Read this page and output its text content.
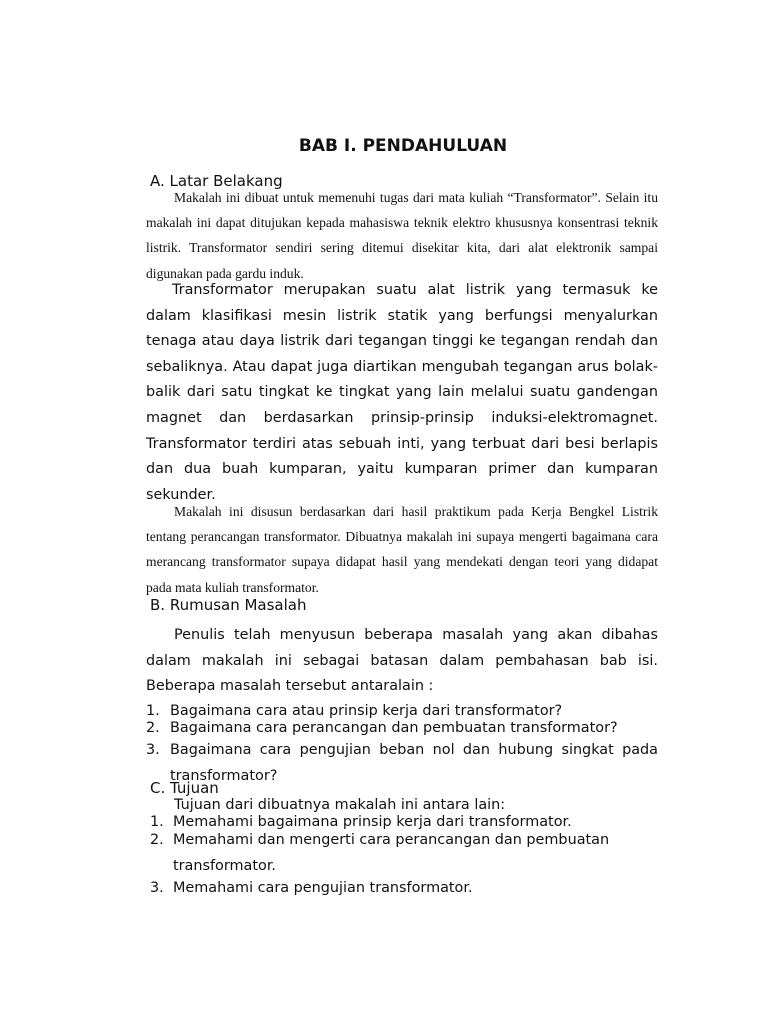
BAB I. PENDAHULUAN
A. Latar Belakang
Makalah ini dibuat untuk memenuhi tugas dari mata kuliah “Transformator”. Selain itu makalah ini dapat ditujukan kepada mahasiswa teknik elektro khususnya konsentrasi teknik listrik. Transformator sendiri sering ditemui disekitar kita, dari alat elektronik sampai digunakan pada gardu induk.
Transformator merupakan suatu alat listrik yang termasuk ke dalam klasifikasi mesin listrik statik yang berfungsi menyalurkan tenaga atau daya listrik dari tegangan tinggi ke tegangan rendah dan sebaliknya. Atau dapat juga diartikan mengubah tegangan arus bolak-balik dari satu tingkat ke tingkat yang lain melalui suatu gandengan magnet dan berdasarkan prinsip-prinsip induksi-elektromagnet. Transformator terdiri atas sebuah inti, yang terbuat dari besi berlapis dan dua buah kumparan, yaitu kumparan primer dan kumparan sekunder.
Makalah ini disusun berdasarkan dari hasil praktikum pada Kerja Bengkel Listrik tentang perancangan transformator. Dibuatnya makalah ini supaya mengerti bagaimana cara merancang transformator supaya didapat hasil yang mendekati dengan teori yang didapat pada mata kuliah transformator.
B. Rumusan Masalah
Penulis telah menyusun beberapa masalah yang akan dibahas dalam makalah ini sebagai batasan dalam pembahasan bab isi. Beberapa masalah tersebut antaralain :
1. Bagaimana cara atau prinsip kerja dari transformator?
2. Bagaimana cara perancangan dan pembuatan transformator?
3. Bagaimana cara pengujian beban nol dan hubung singkat pada transformator?
C. Tujuan
Tujuan dari dibuatnya makalah ini antara lain:
1. Memahami bagaimana prinsip kerja dari transformator.
2. Memahami dan mengerti cara perancangan dan pembuatan transformator.
3. Memahami cara pengujian transformator.
